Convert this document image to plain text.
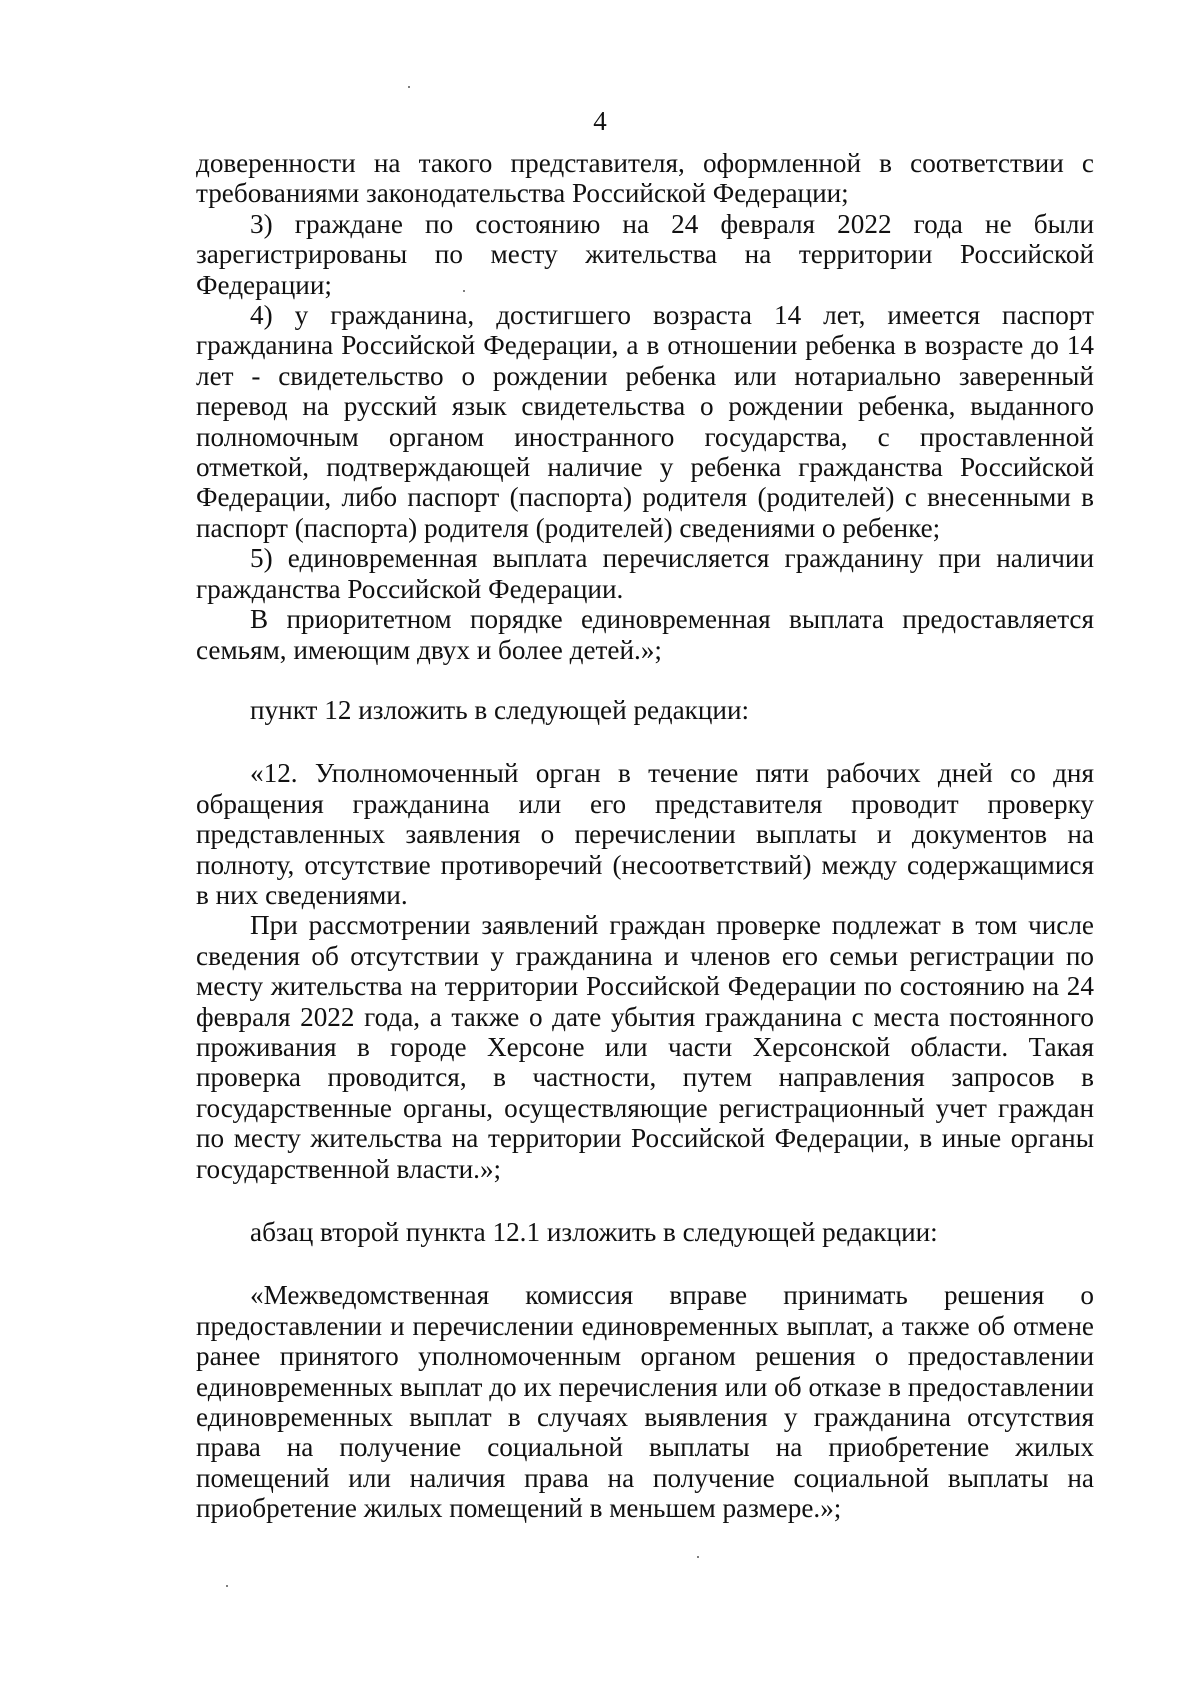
4

доверенности на такого представителя, оформленной в соответствии с требованиями законодательства Российской Федерации;

3) граждане по состоянию на 24 февраля 2022 года не были зарегистрированы по месту жительства на территории Российской Федерации;

4) у гражданина, достигшего возраста 14 лет, имеется паспорт гражданина Российской Федерации, а в отношении ребенка в возрасте до 14 лет - свидетельство о рождении ребенка или нотариально заверенный перевод на русский язык свидетельства о рождении ребенка, выданного полномочным органом иностранного государства, с проставленной отметкой, подтверждающей наличие у ребенка гражданства Российской Федерации, либо паспорт (паспорта) родителя (родителей) с внесенными в паспорт (паспорта) родителя (родителей) сведениями о ребенке;

5) единовременная выплата перечисляется гражданину при наличии гражданства Российской Федерации.

В приоритетном порядке единовременная выплата предоставляется семьям, имеющим двух и более детей.»;

пункт 12 изложить в следующей редакции:

«12. Уполномоченный орган в течение пяти рабочих дней со дня обращения гражданина или его представителя проводит проверку представленных заявления о перечислении выплаты и документов на полноту, отсутствие противоречий (несоответствий) между содержащимися в них сведениями.

При рассмотрении заявлений граждан проверке подлежат в том числе сведения об отсутствии у гражданина и членов его семьи регистрации по месту жительства на территории Российской Федерации по состоянию на 24 февраля 2022 года, а также о дате убытия гражданина с места постоянного проживания в городе Херсоне или части Херсонской области. Такая проверка проводится, в частности, путем направления запросов в государственные органы, осуществляющие регистрационный учет граждан по месту жительства на территории Российской Федерации, в иные органы государственной власти.»;

абзац второй пункта 12.1 изложить в следующей редакции:

«Межведомственная комиссия вправе принимать решения о предоставлении и перечислении единовременных выплат, а также об отмене ранее принятого уполномоченным органом решения о предоставлении единовременных выплат до их перечисления или об отказе в предоставлении единовременных выплат в случаях выявления у гражданина отсутствия права на получение социальной выплаты на приобретение жилых помещений или наличия права на получение социальной выплаты на приобретение жилых помещений в меньшем размере.»;
